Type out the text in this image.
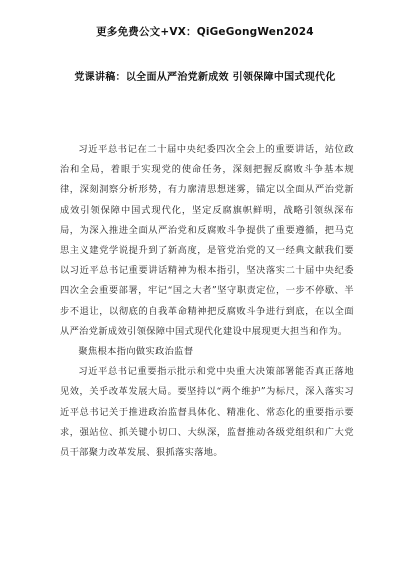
更多免费公文+VX：QiGeGongWen2024
党课讲稿：以全面从严治党新成效 引领保障中国式现代化

习近平总书记在二十届中央纪委四次全会上的重要讲话，站位政治和全局，着眼于实现党的使命任务，深刻把握反腐败斗争基本规律，深刻洞察分析形势，有力廓清思想迷雾，锚定以全面从严治党新成效引领保障中国式现代化，坚定反腐旗帜鲜明，战略引领纵深布局，为深入推进全面从严治党和反腐败斗争提供了重要遵循，把马克思主义建党学说提升到了新高度，是管党治党的又一经典文献我们要以习近平总书记重要讲话精神为根本指引，坚决落实二十届中央纪委四次全会重要部署，牢记“国之大者”坚守职责定位，一步不停歇、半步不退让，以彻底的自我革命精神把反腐败斗争进行到底，在以全面从严治党新成效引领保障中国式现代化建设中展现更大担当和作为。

聚焦根本指向做实政治监督

习近平总书记重要指示批示和党中央重大决策部署能否真正落地见效，关乎改革发展大局。要坚持以“两个维护”为标尺，深入落实习近平总书记关于推进政治监督具体化、精准化、常态化的重要指示要求，强站位、抓关键小切口、大纵深，监督推动各级党组织和广大党员干部聚力改革发展、狠抓落实落地。
